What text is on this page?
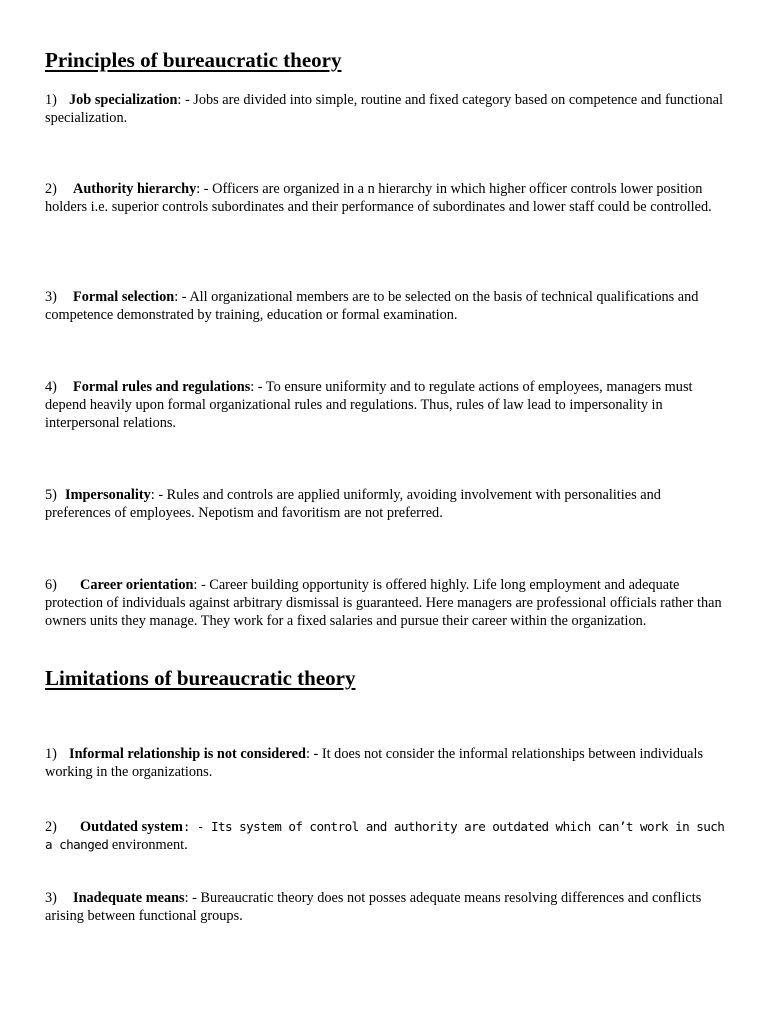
Principles of bureaucratic theory

1) Job specialization: - Jobs are divided into simple, routine and fixed category based on competence and functional specialization.

2) Authority hierarchy: - Officers are organized in a n hierarchy in which higher officer controls lower position holders i.e. superior controls subordinates and their performance of subordinates and lower staff could be controlled.

3) Formal selection: - All organizational members are to be selected on the basis of technical qualifications and competence demonstrated by training, education or formal examination.

4) Formal rules and regulations: - To ensure uniformity and to regulate actions of employees, managers must depend heavily upon formal organizational rules and regulations. Thus, rules of law lead to impersonality in interpersonal relations.

5) Impersonality: - Rules and controls are applied uniformly, avoiding involvement with personalities and preferences of employees. Nepotism and favoritism are not preferred.

6) Career orientation: - Career building opportunity is offered highly. Life long employment and adequate protection of individuals against arbitrary dismissal is guaranteed. Here managers are professional officials rather than owners units they manage. They work for a fixed salaries and pursue their career within the organization.

Limitations of bureaucratic theory

1) Informal relationship is not considered: - It does not consider the informal relationships between individuals working in the organizations.

2) Outdated system: - Its system of control and authority are outdated which can’t work in such a changed environment.

3) Inadequate means: - Bureaucratic theory does not posses adequate means resolving differences and conflicts arising between functional groups.
